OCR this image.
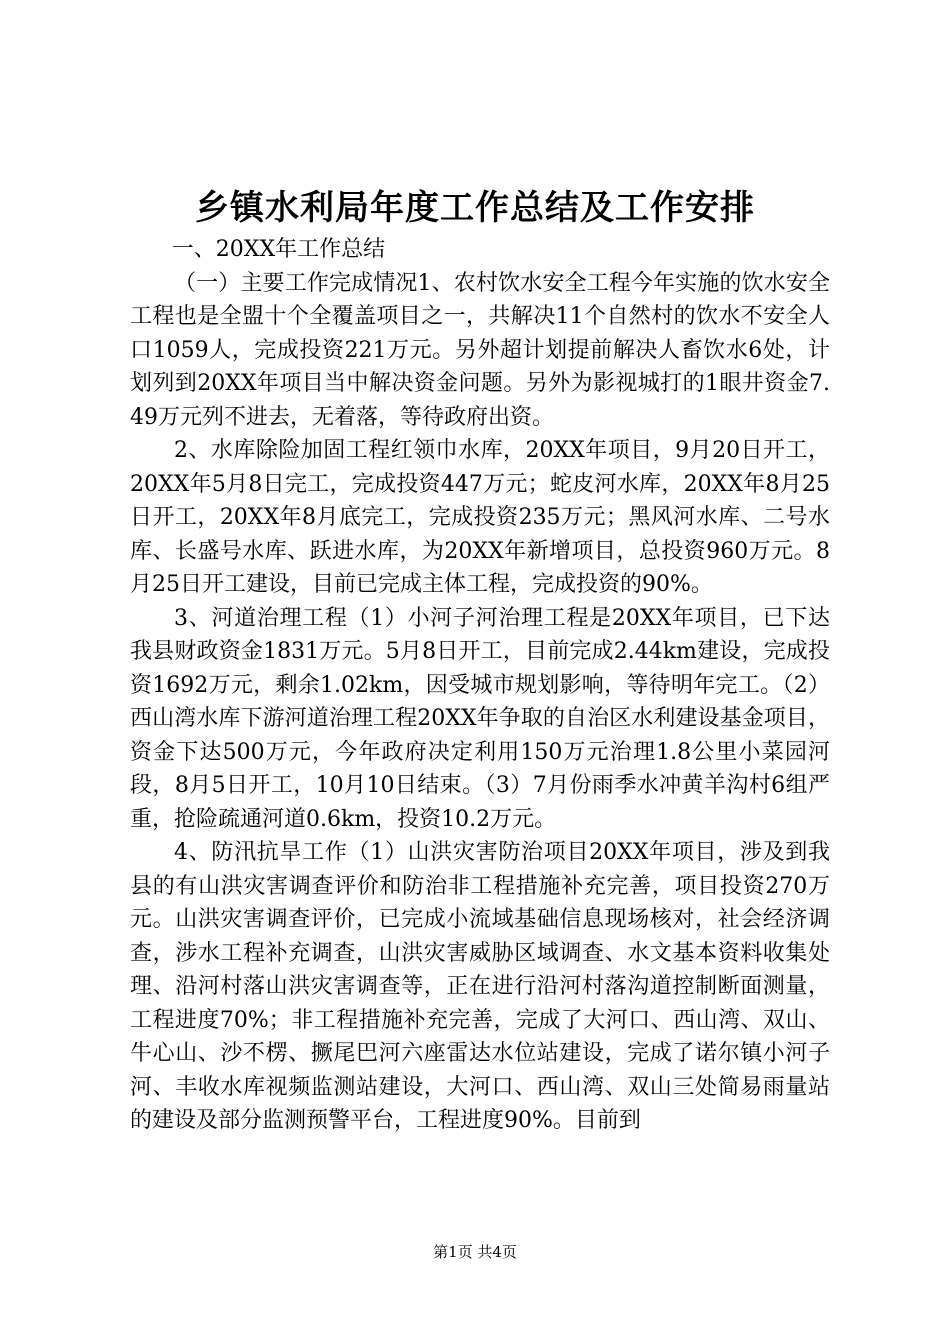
乡镇水利局年度工作总结及工作安排

一、20XX年工作总结

（一）主要工作完成情况1、农村饮水安全工程今年实施的饮水安全工程也是全盟十个全覆盖项目之一，共解决11个自然村的饮水不安全人口1059人，完成投资221万元。另外超计划提前解决人畜饮水6处，计划列到20XX年项目当中解决资金问题。另外为影视城打的1眼井资金7.49万元列不进去，无着落，等待政府出资。

2、水库除险加固工程红领巾水库，20XX年项目，9月20日开工，20XX年5月8日完工，完成投资447万元；蛇皮河水库，20XX年8月25日开工，20XX年8月底完工，完成投资235万元；黑风河水库、二号水库、长盛号水库、跃进水库，为20XX年新增项目，总投资960万元。8月25日开工建设，目前已完成主体工程，完成投资的90%。

3、河道治理工程（1）小河子河治理工程是20XX年项目，已下达我县财政资金1831万元。5月8日开工，目前完成2.44km建设，完成投资1692万元，剩余1.02km，因受城市规划影响，等待明年完工。（2）西山湾水库下游河道治理工程20XX年争取的自治区水利建设基金项目，资金下达500万元，今年政府决定利用150万元治理1.8公里小菜园河段，8月5日开工，10月10日结束。（3）7月份雨季水冲黄羊沟村6组严重，抢险疏通河道0.6km，投资10.2万元。

4、防汛抗旱工作（1）山洪灾害防治项目20XX年项目，涉及到我县的有山洪灾害调查评价和防治非工程措施补充完善，项目投资270万元。山洪灾害调查评价，已完成小流域基础信息现场核对，社会经济调查，涉水工程补充调查，山洪灾害威胁区域调查、水文基本资料收集处理、沿河村落山洪灾害调查等，正在进行沿河村落沟道控制断面测量，工程进度70%；非工程措施补充完善，完成了大河口、西山湾、双山、牛心山、沙不楞、撅尾巴河六座雷达水位站建设，完成了诺尔镇小河子河、丰收水库视频监测站建设，大河口、西山湾、双山三处简易雨量站的建设及部分监测预警平台，工程进度90%。目前到

第1页 共4页
